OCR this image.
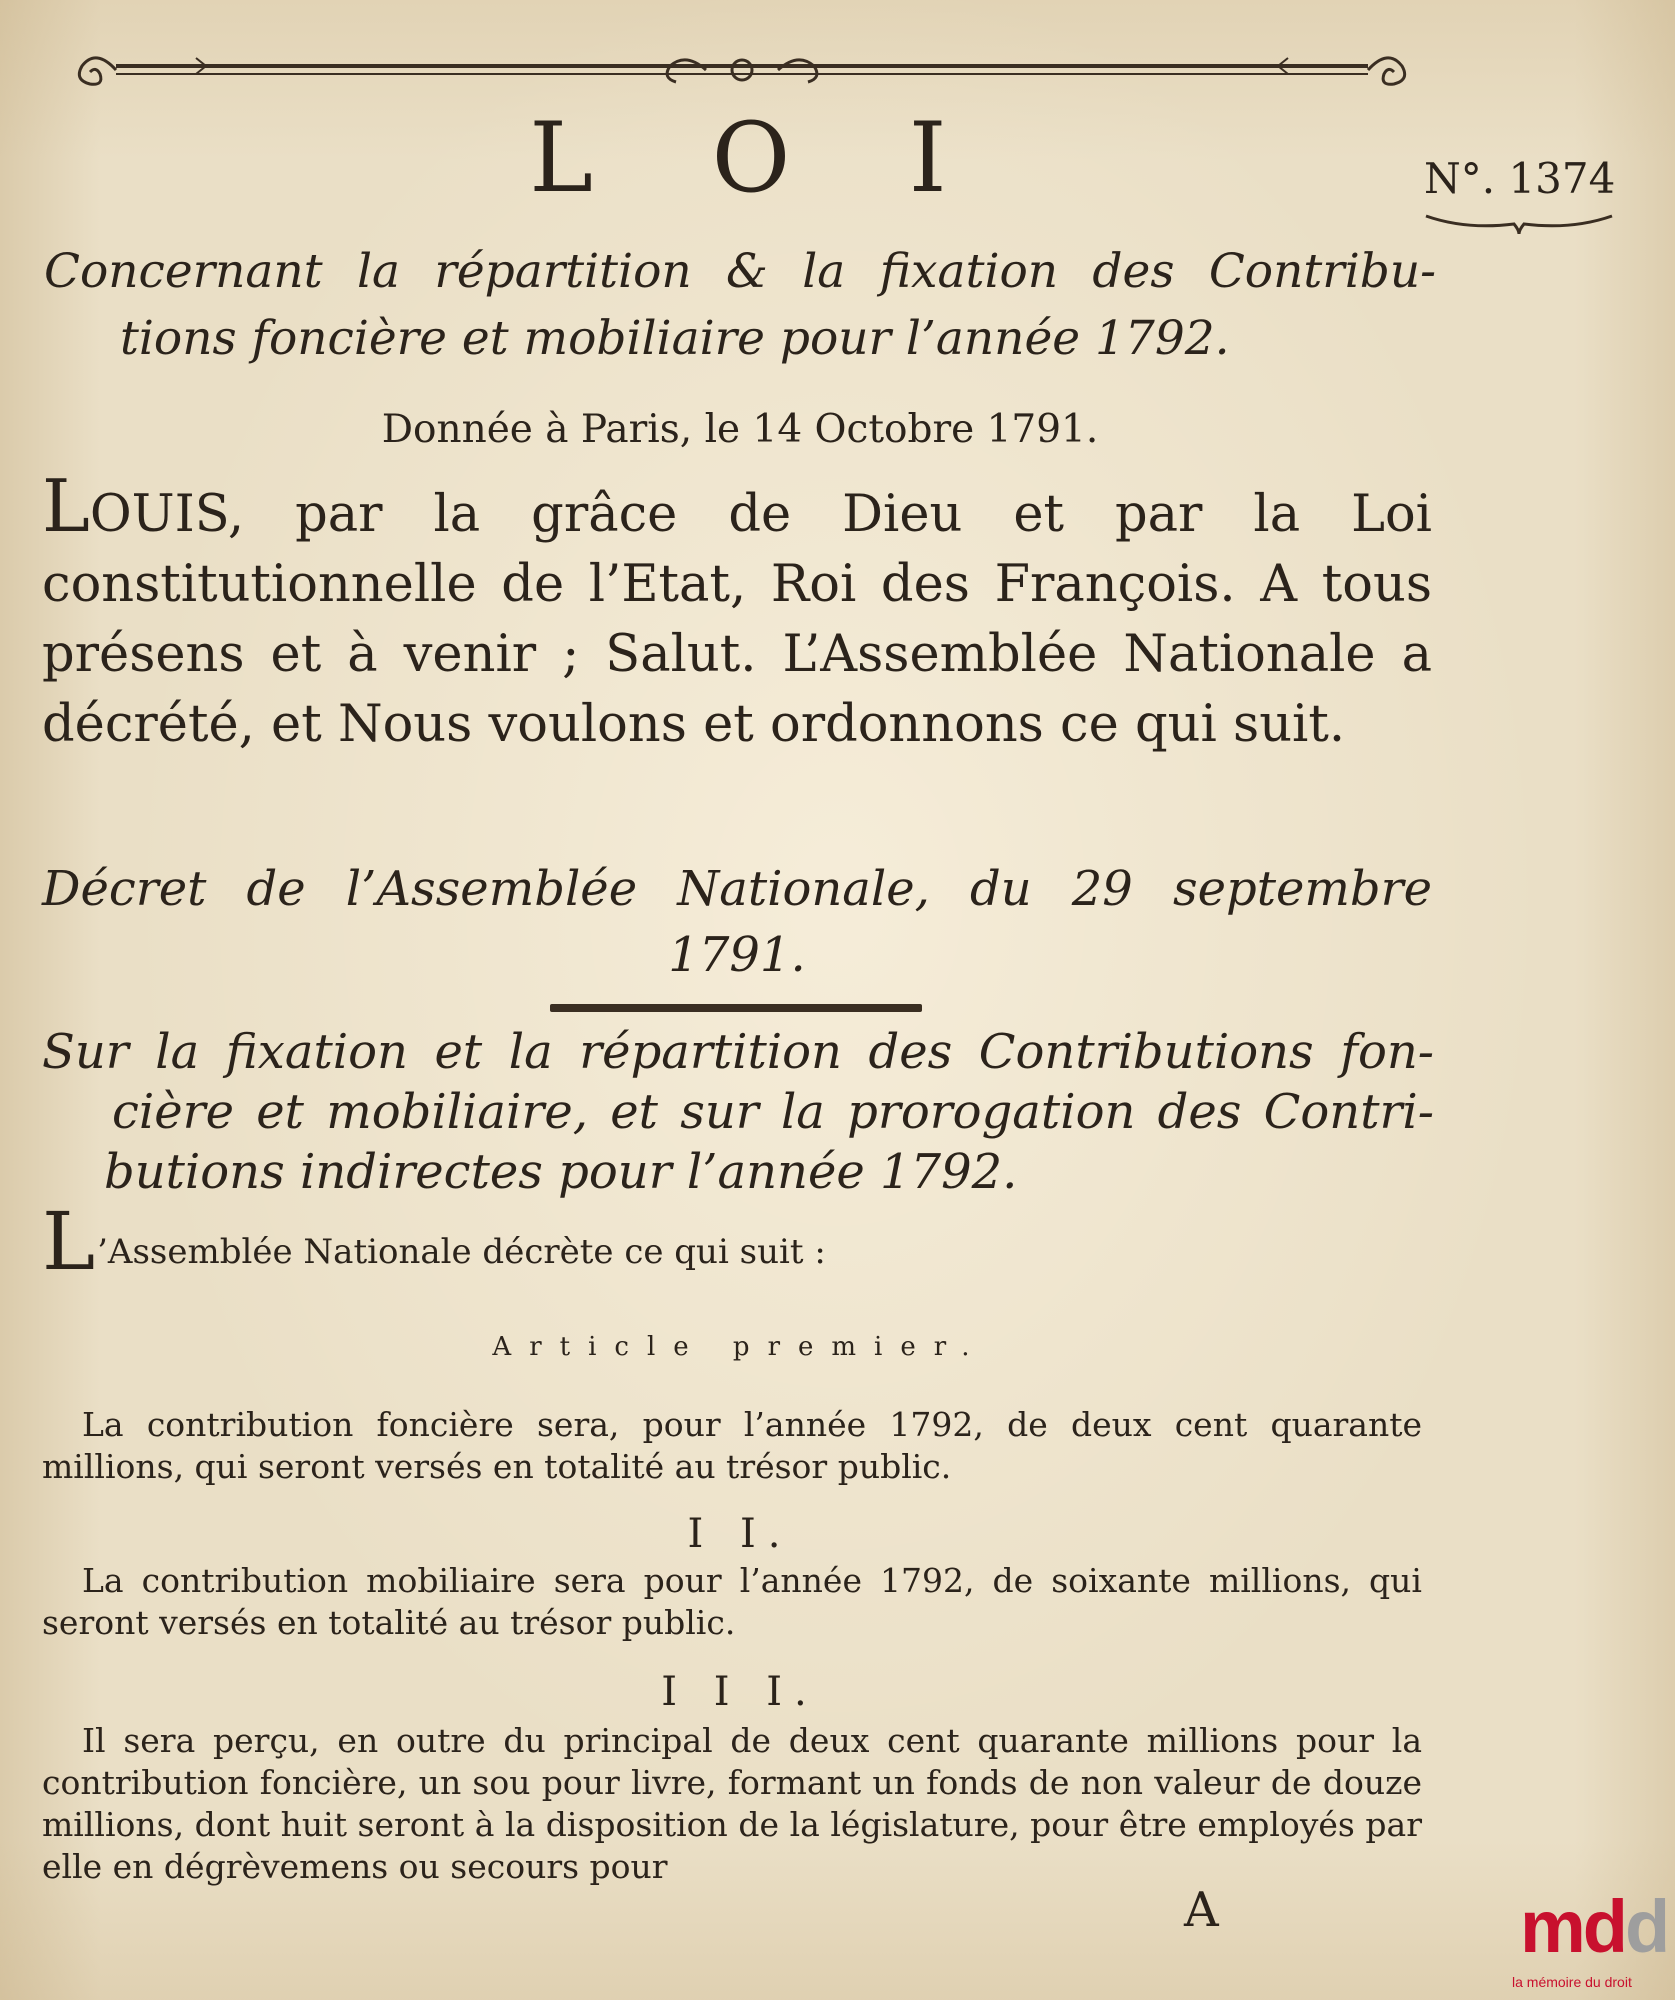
L O I	N°. 1374
Concernant la répartition & la fixation des Contribu-
tions foncière et mobiliaire pour l’année 1792.
Donnée à Paris, le 14 Octobre 1791.
LOUIS, par la grâce de Dieu et par la Loi constitutionnelle de l’Etat, Roi des François. A tous présens et à venir ; Salut. L’Assemblée Nationale a décrété, et Nous voulons et ordonnons ce qui suit.
Décret de l’Assemblée Nationale, du 29 septembre
1791.
Sur la fixation et la répartition des Contributions fon-
cière et mobiliaire, et sur la prorogation des Contri-
butions indirectes pour l’année 1792.
L’Assemblée Nationale décrète ce qui suit :
Article premier.
La contribution foncière sera, pour l’année 1792, de deux cent quarante millions, qui seront versés en totalité au trésor public.
I I.
La contribution mobiliaire sera pour l’année 1792, de soixante millions, qui seront versés en totalité au trésor public.
I I I.
Il sera perçu, en outre du principal de deux cent quarante millions pour la contribution foncière, un sou pour livre, formant un fonds de non valeur de douze millions, dont huit seront à la disposition de la législature, pour être employés par elle en dégrèvemens ou secours pour
A	mdd
la mémoire du droit
